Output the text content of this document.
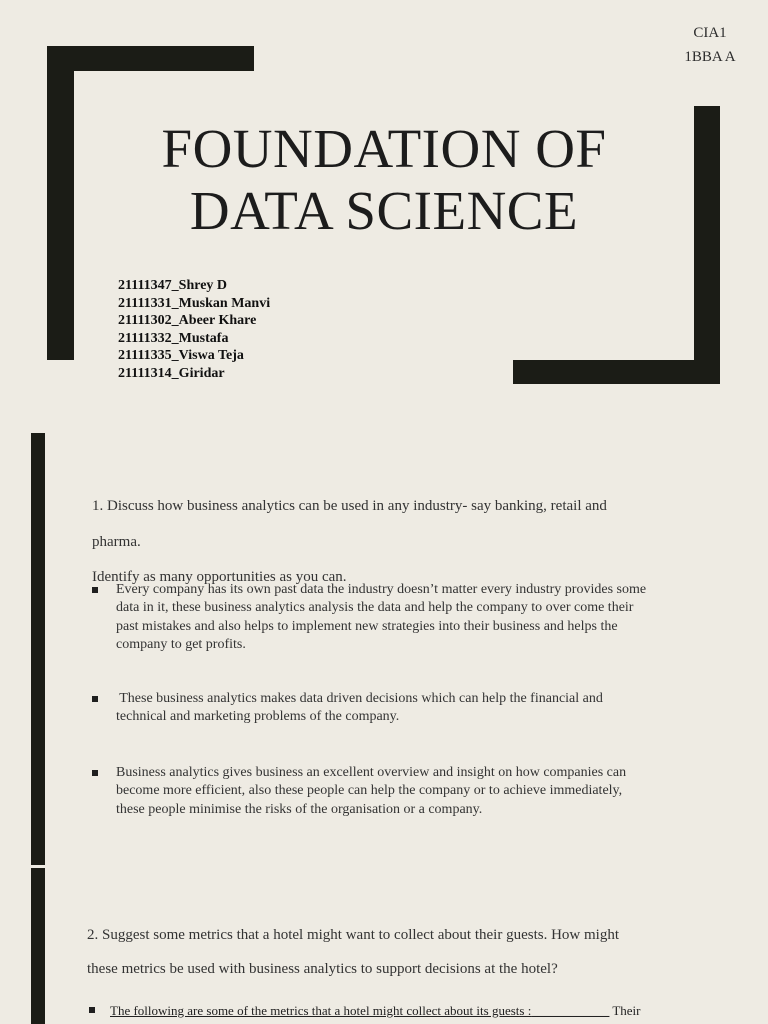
CIA1
1BBA A
FOUNDATION OF
DATA SCIENCE
21111347_Shrey D
21111331_Muskan Manvi
21111302_Abeer Khare
21111332_Mustafa
21111335_Viswa Teja
21111314_Giridar
1. Discuss how business analytics can be used in any industry- say banking, retail and
pharma.
Identify as many opportunities as you can.
Every company has its own past data the industry doesn’t matter every industry provides some
data in it, these business analytics analysis the data and help the company to over come their
past mistakes and also helps to implement new strategies into their business and helps the
company to get profits.
These business analytics makes data driven decisions which can help the financial and
technical and marketing problems of the company.
Business analytics gives business an excellent overview and insight on how companies can
become more efficient, also these people can help the company or to achieve immediately,
these people minimise the risks of the organisation or a company.
2. Suggest some metrics that a hotel might want to collect about their guests. How might
these metrics be used with business analytics to support decisions at the hotel?
The following are some of the metrics that a hotel might collect about its guests :____________ Their
